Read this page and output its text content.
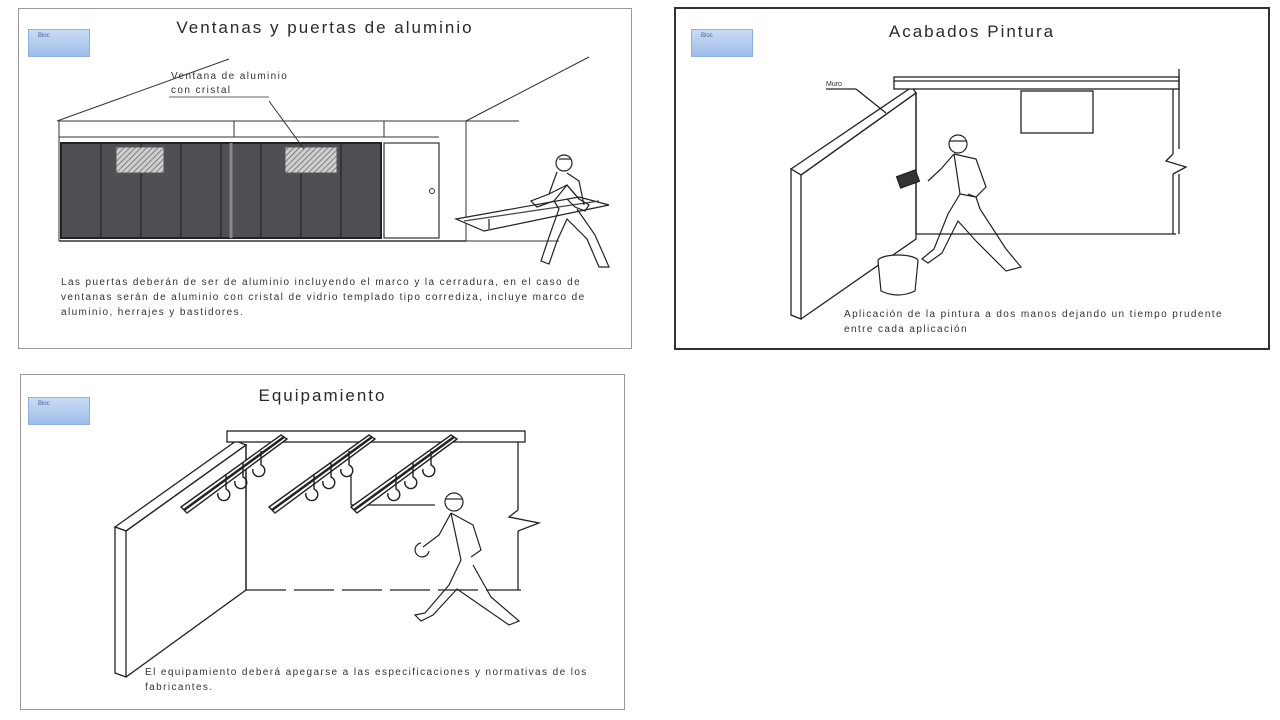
Ventanas y puertas de aluminio
Bloc
Ventana de aluminio
con cristal

Las puertas deberán de ser de aluminio incluyendo el marco y la cerradura, en el caso de ventanas serán de aluminio con cristal de vidrio templado tipo corrediza, incluye marco de aluminio, herrajes y bastidores.

Acabados Pintura
Bloc
Muro

Aplicación de la pintura a dos manos dejando un tiempo prudente entre cada aplicación

Equipamiento
Bloc

El equipamiento deberá apegarse a las especificaciones y normativas de los fabricantes.
